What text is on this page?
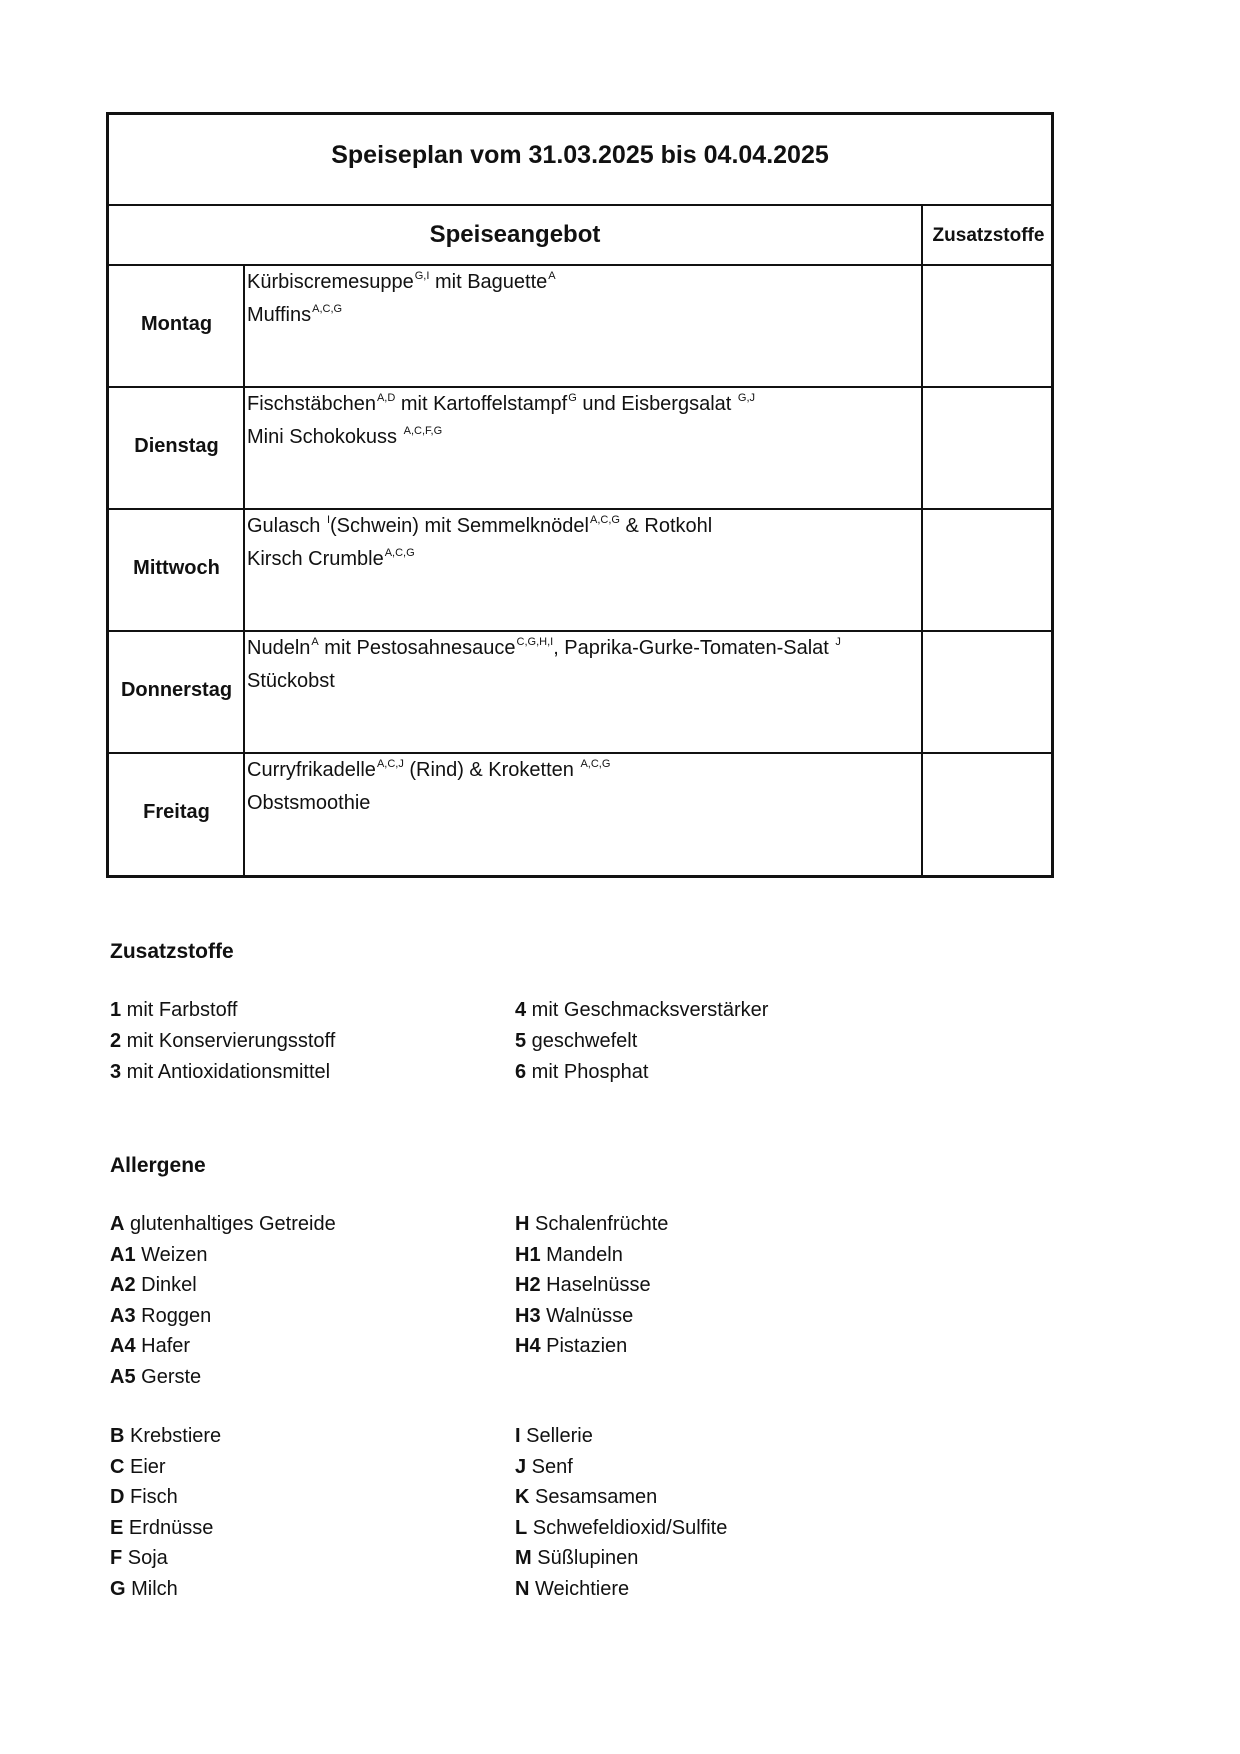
Speiseplan vom 31.03.2025 bis 04.04.2025
Speiseangebot	Zusatzstoffe
Montag
Kürbiscremesuppe$^{G,I}$ mit Baguette$^A$
Muffins$^{A,C,G}$
Dienstag
Fischstäbchen$^{A,D}$ mit Kartoffelstampf$^G$ und Eisbergsalat $^{G,J}$
Mini Schokokuss $^{A,C,F,G}$
Mittwoch
Gulasch $^I$(Schwein) mit Semmelknödel$^{A,C,G}$ & Rotkohl
Kirsch Crumble$^{A,C,G}$
Donnerstag
Nudeln$^A$ mit Pestosahnesauce$^{C,G,H,I}$, Paprika-Gurke-Tomaten-Salat $^J$
Stückobst
Freitag
Curryfrikadelle$^{A,C,J}$ (Rind) & Kroketten $^{A,C,G}$
Obstsmoothie
Zusatzstoffe
1 mit Farbstoff
2 mit Konservierungsstoff
3 mit Antioxidationsmittel
4 mit Geschmacksverstärker
5 geschwefelt
6 mit Phosphat
Allergene
A glutenhaltiges Getreide
A1 Weizen
A2 Dinkel
A3 Roggen
A4 Hafer
A5 Gerste
H Schalenfrüchte
H1 Mandeln
H2 Haselnüsse
H3 Walnüsse
H4 Pistazien
B Krebstiere
C Eier
D Fisch
E Erdnüsse
F Soja
G Milch
I Sellerie
J Senf
K Sesamsamen
L Schwefeldioxid/Sulfite
M Süßlupinen
N Weichtiere
